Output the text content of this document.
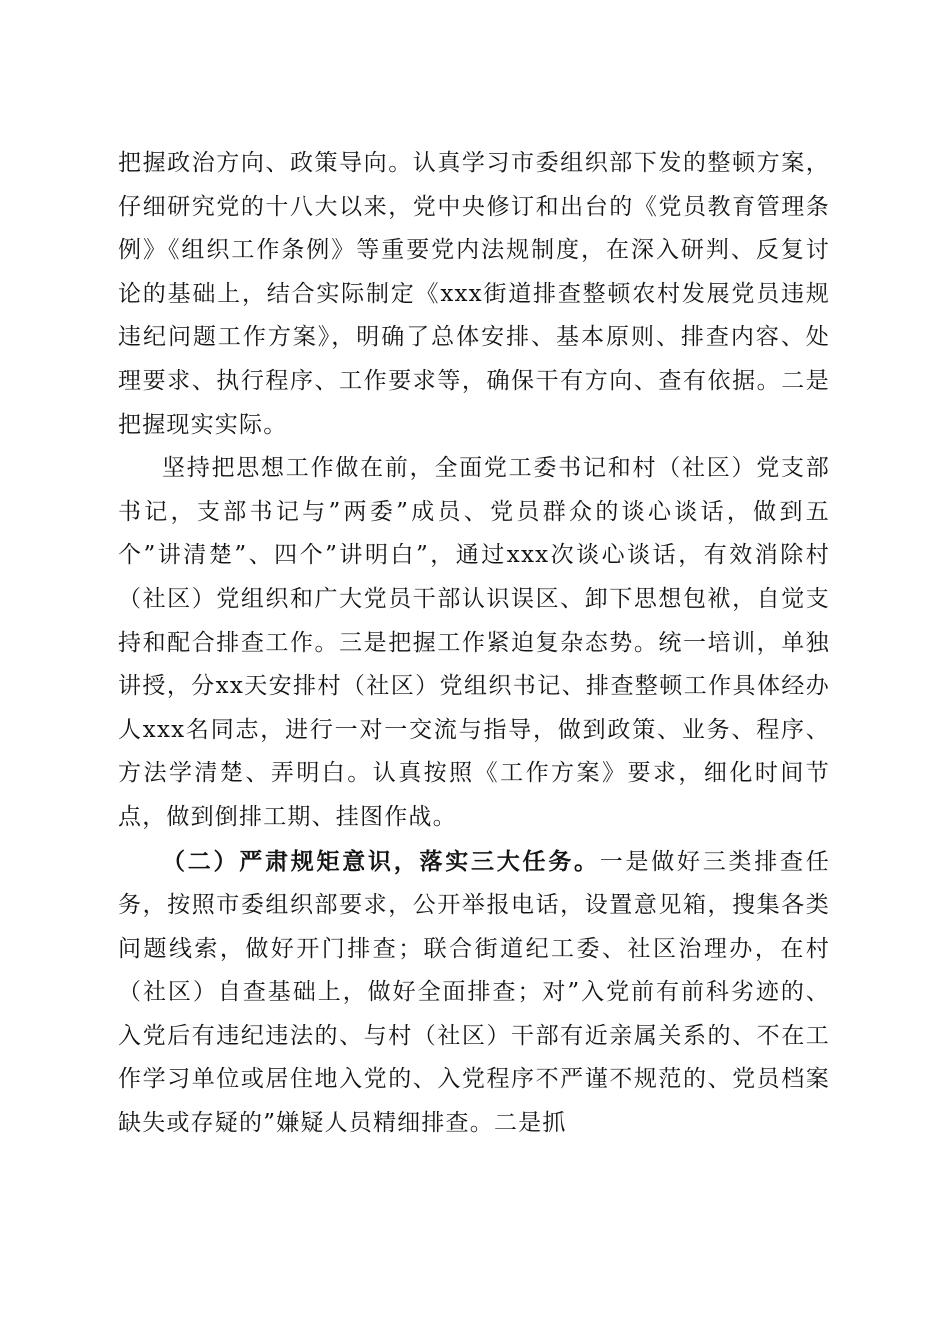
把握政治方向、政策导向。认真学习市委组织部下发的整顿方案，仔细研究党的十八大以来，党中央修订和出台的《党员教育管理条例》《组织工作条例》等重要党内法规制度，在深入研判、反复讨论的基础上，结合实际制定《xxx街道排查整顿农村发展党员违规违纪问题工作方案》，明确了总体安排、基本原则、排查内容、处理要求、执行程序、工作要求等，确保干有方向、查有依据。二是把握现实实际。

坚持把思想工作做在前，全面党工委书记和村（社区）党支部书记，支部书记与”两委”成员、党员群众的谈心谈话，做到五个”讲清楚”、四个”讲明白”，通过xxx次谈心谈话，有效消除村（社区）党组织和广大党员干部认识误区、卸下思想包袱，自觉支持和配合排查工作。三是把握工作紧迫复杂态势。统一培训，单独讲授，分xx天安排村（社区）党组织书记、排查整顿工作具体经办人xxx名同志，进行一对一交流与指导，做到政策、业务、程序、方法学清楚、弄明白。认真按照《工作方案》要求，细化时间节点，做到倒排工期、挂图作战。

（二）严肃规矩意识，落实三大任务。一是做好三类排查任务，按照市委组织部要求，公开举报电话，设置意见箱，搜集各类问题线索，做好开门排查；联合街道纪工委、社区治理办，在村（社区）自查基础上，做好全面排查；对”入党前有前科劣迹的、入党后有违纪违法的、与村（社区）干部有近亲属关系的、不在工作学习单位或居住地入党的、入党程序不严谨不规范的、党员档案缺失或存疑的”嫌疑人员精细排查。二是抓
